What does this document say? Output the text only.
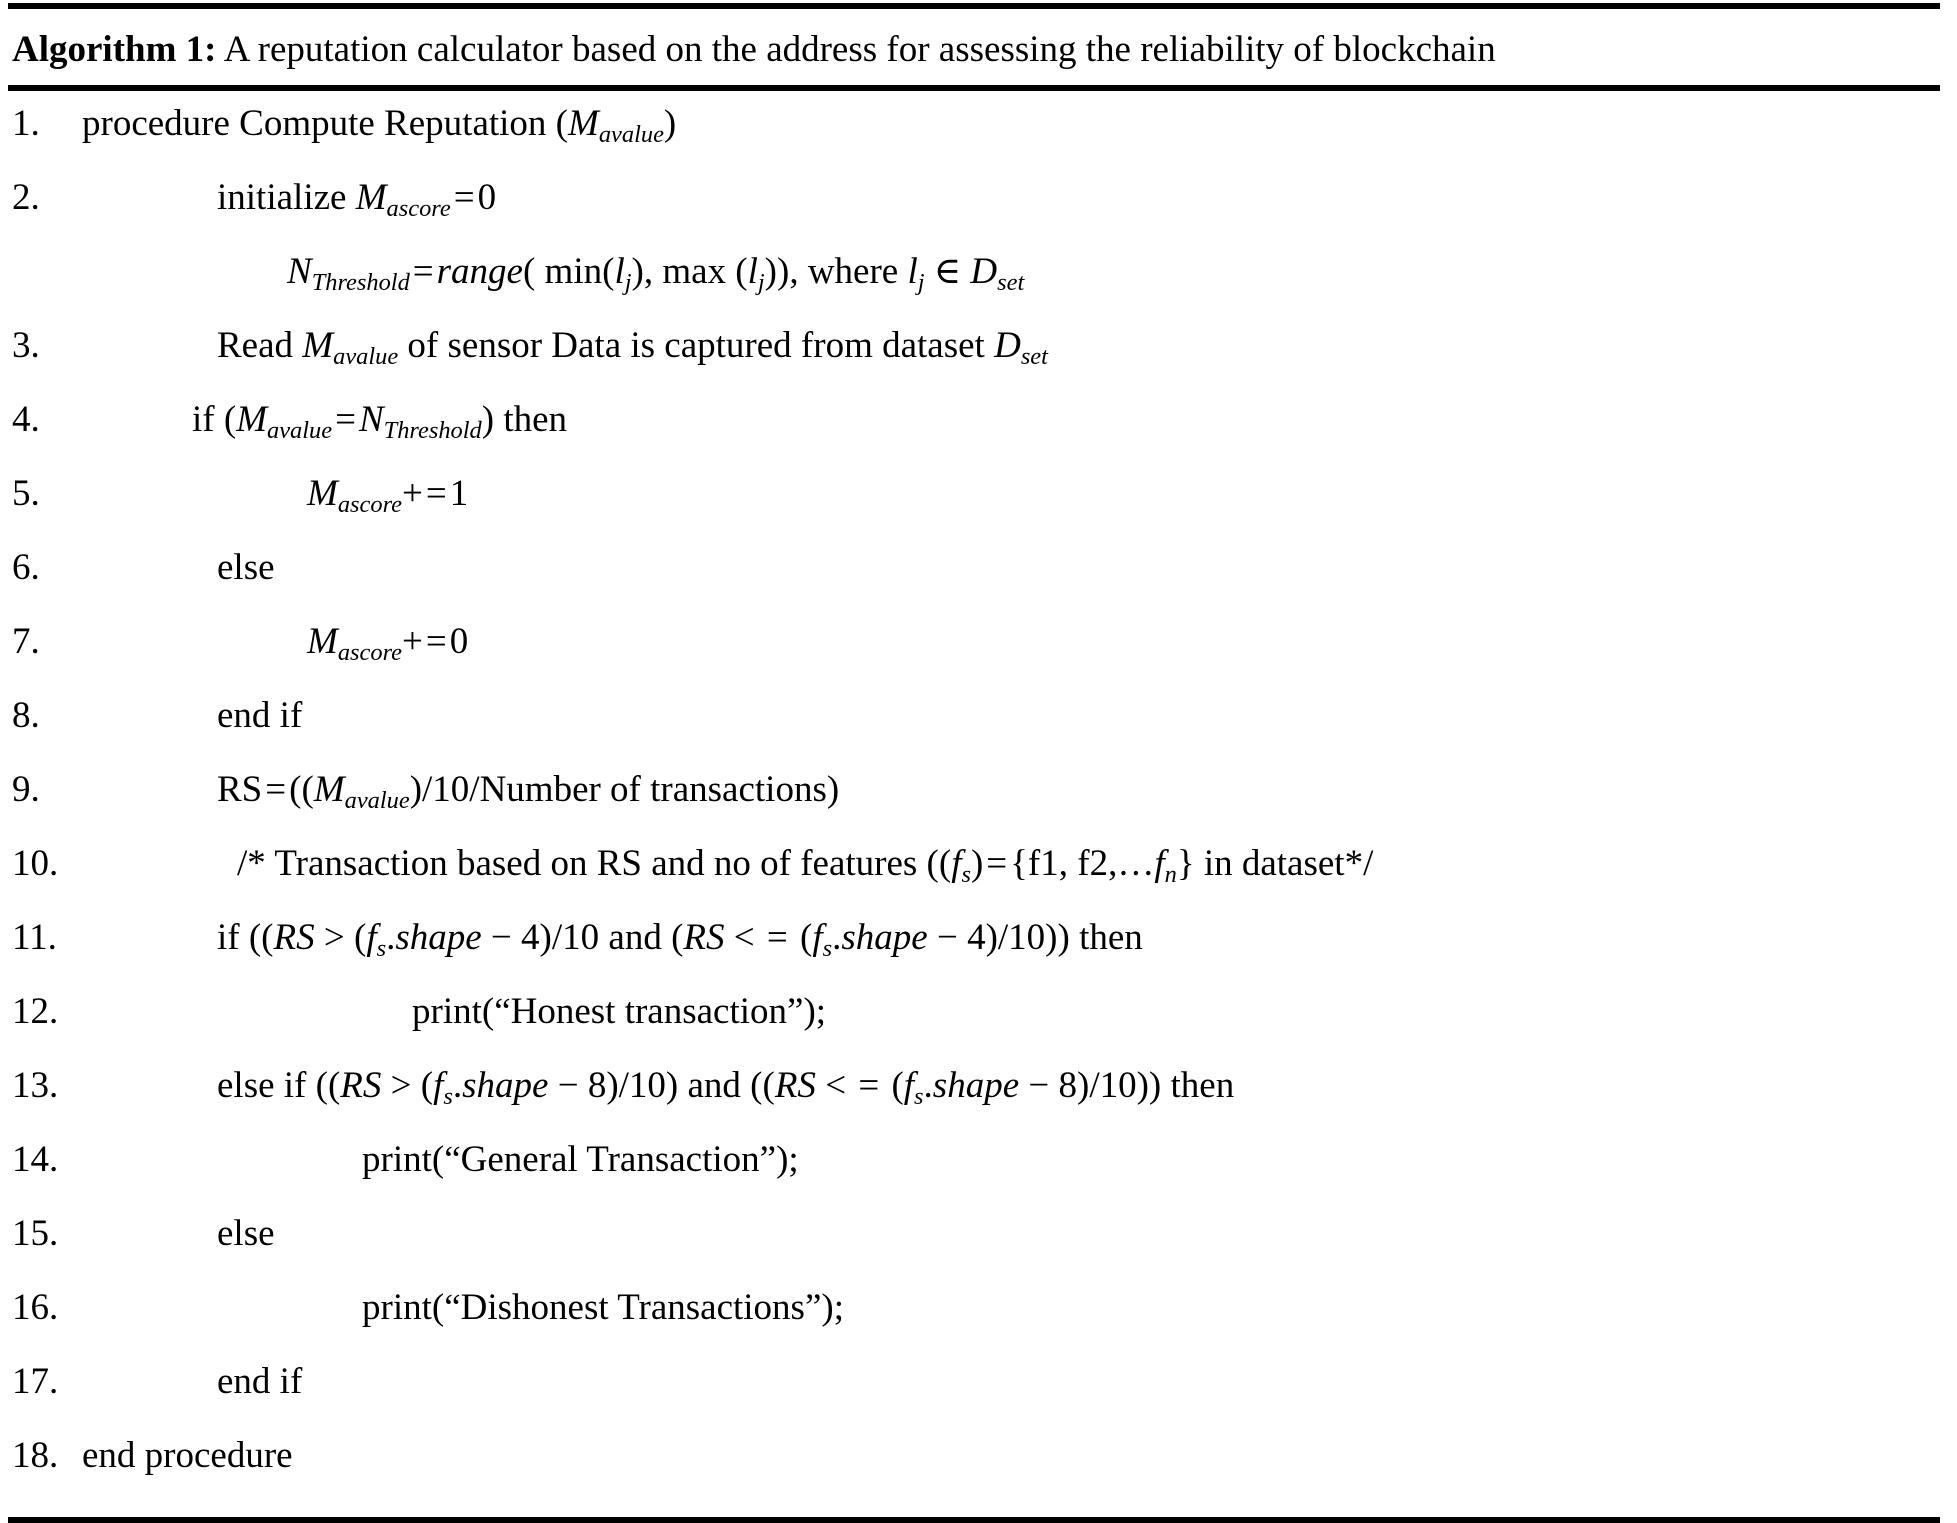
Algorithm 1: A reputation calculator based on the address for assessing the reliability of blockchain
1.	procedure Compute Reputation $(M_{avalue})$
2.	initialize $M_{ascore}=0$
$N_{Threshold}=range$( $\min(l_j)$, $\max (l_j)$), where $l_j$ ∈ $D_{set}$
3.	Read $M_{avalue}$ of sensor Data is captured from dataset $D_{set}$
4.	if $(M_{avalue}=N_{Threshold})$ then
5.	$M_{ascore}+=1$
6.	else
7.	$M_{ascore}+=0$
8.	end if
9.	$RS=((M_{avalue})/10$/Number of transactions)
10.	/* Transaction based on RS and no of features ($(f_s)=\{f1$, $f2,\dots f_n$} in dataset*/
11.	if (($RS > (f_s.shape - 4)/10$ and (RS < = $(f_s.shape - 4)/10$)) then
12.	print(“Honest transaction”);
13.	else if ($(RS > (f_s.shape - 8)/10)$ and ((RS < = $(f_s.shape - 8)/10$)) then
14.	print(“General Transaction”);
15.	else
16.	print(“Dishonest Transactions”);
17.	end if
18. end procedure
